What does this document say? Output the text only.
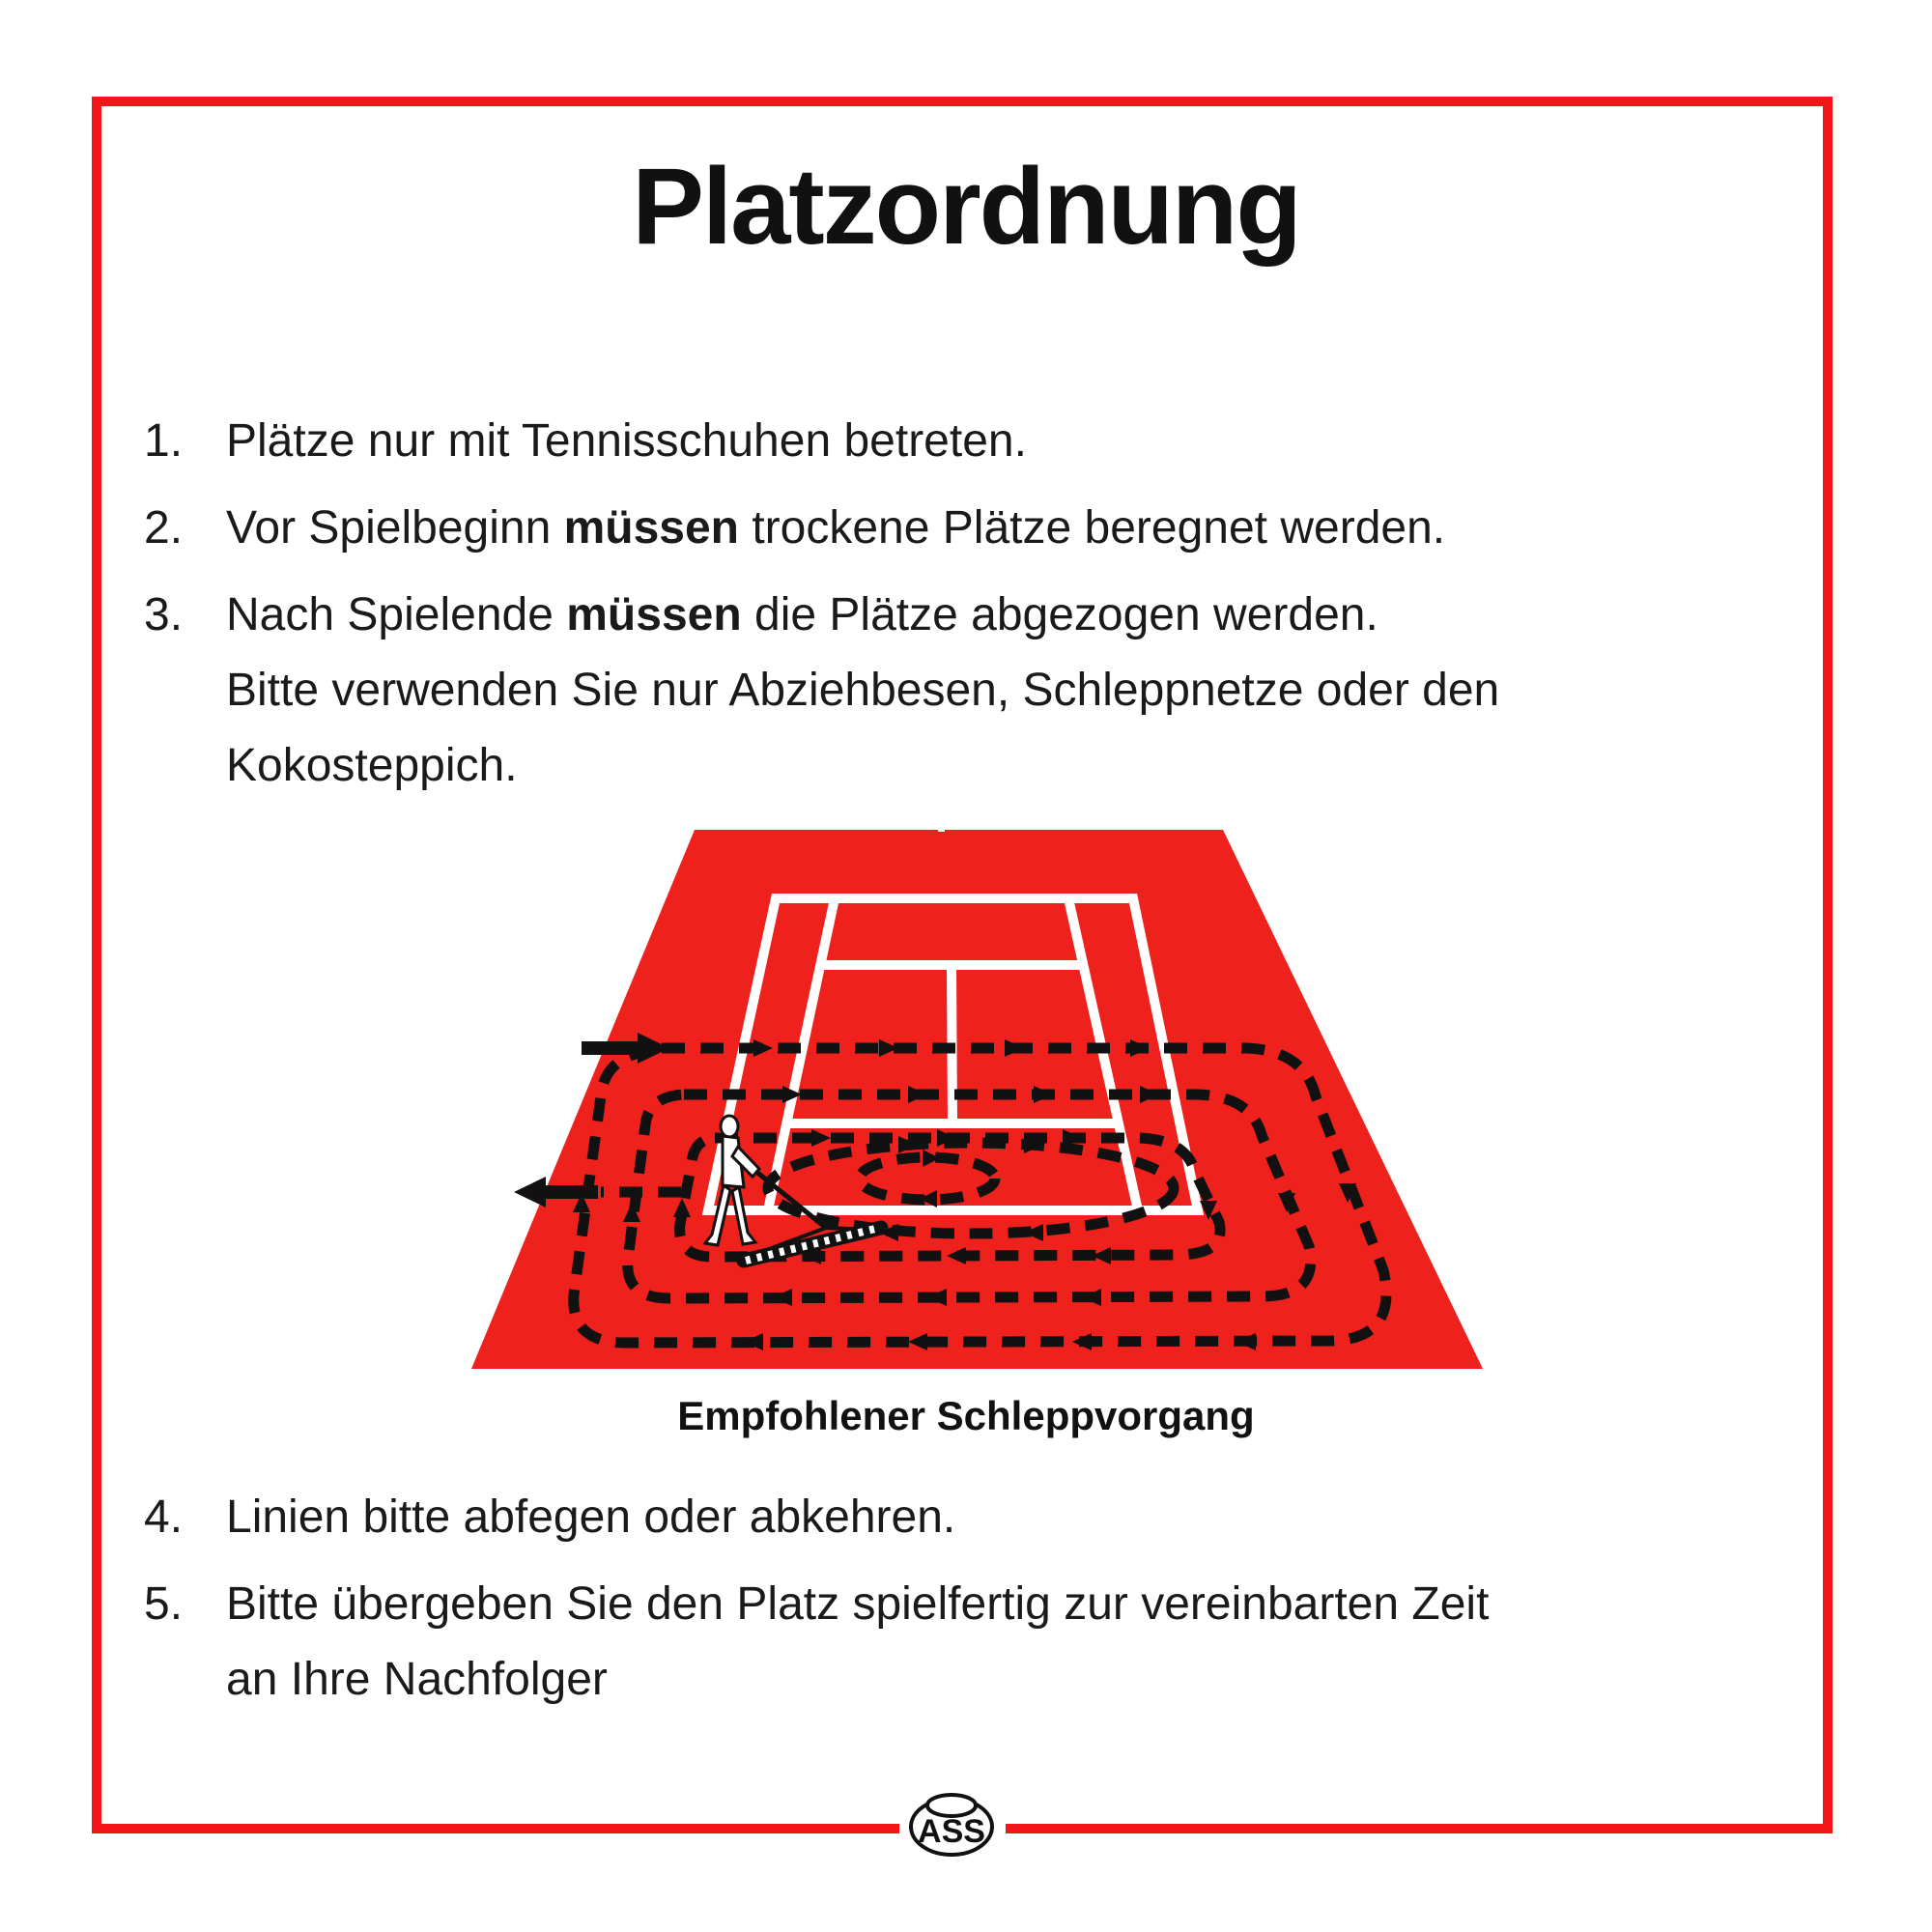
Platzordnung
1. Plätze nur mit Tennisschuhen betreten.
2. Vor Spielbeginn müssen trockene Plätze beregnet werden.
3. Nach Spielende müssen die Plätze abgezogen werden.
Bitte verwenden Sie nur Abziehbesen, Schleppnetze oder den
Kokosteppich.
Empfohlener Schleppvorgang
4. Linien bitte abfegen oder abkehren.
5. Bitte übergeben Sie den Platz spielfertig zur vereinbarten Zeit
an Ihre Nachfolger
ASS
